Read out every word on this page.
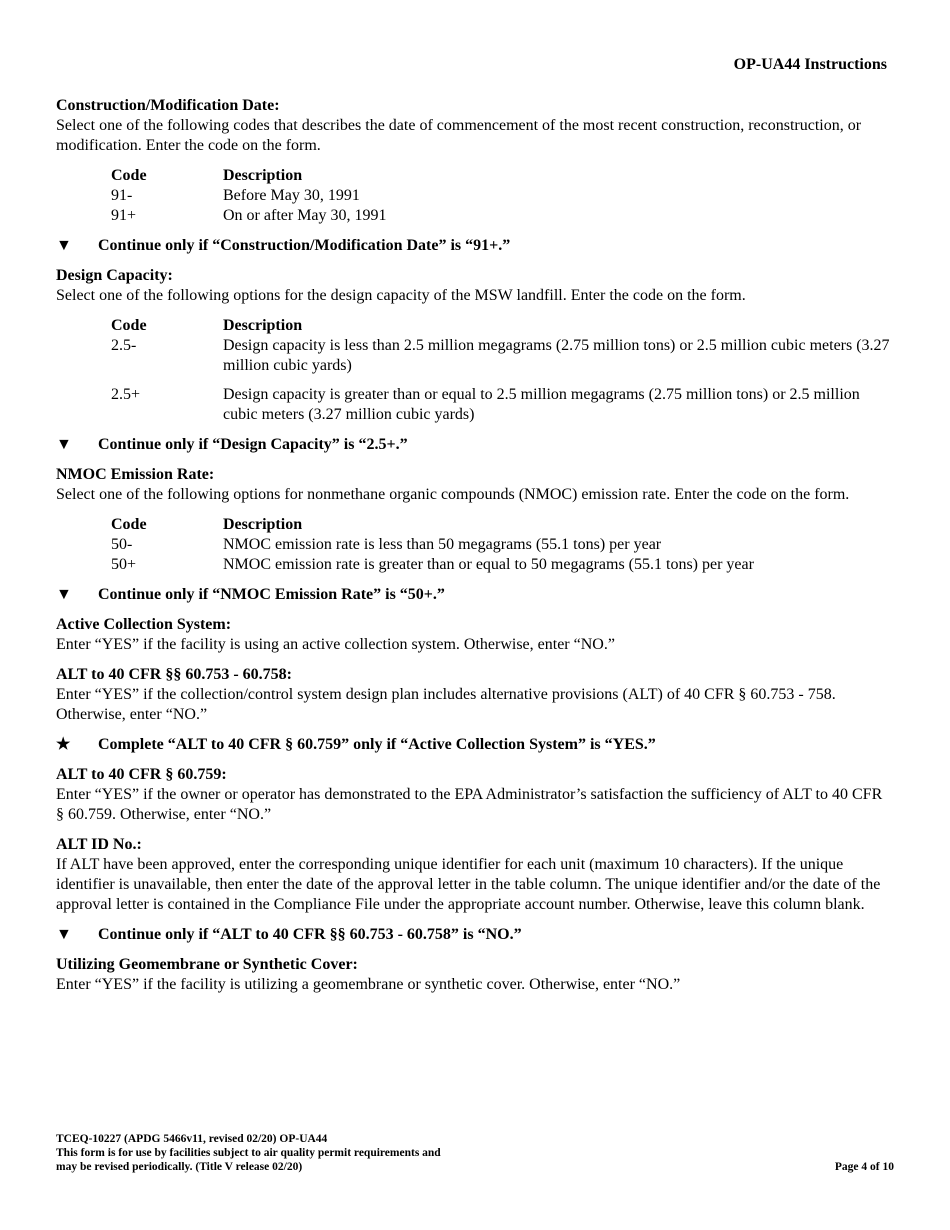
OP-UA44 Instructions

Construction/Modification Date:

Select one of the following codes that describes the date of commencement of the most recent construction, reconstruction, or modification. Enter the code on the form.

Code	Description
91-	Before May 30, 1991
91+	On or after May 30, 1991
▼	Continue only if “Construction/Modification Date” is “91+.”

Design Capacity:

Select one of the following options for the design capacity of the MSW landfill. Enter the code on the form.

Code	Description
2.5-	Design capacity is less than 2.5 million megagrams (2.75 million tons) or 2.5 million cubic meters (3.27 million cubic yards)
2.5+	Design capacity is greater than or equal to 2.5 million megagrams (2.75 million tons) or 2.5 million cubic meters (3.27 million cubic yards)
▼	Continue only if “Design Capacity” is “2.5+.”

NMOC Emission Rate:

Select one of the following options for nonmethane organic compounds (NMOC) emission rate. Enter the code on the form.

Code	Description
50-	NMOC emission rate is less than 50 megagrams (55.1 tons) per year
50+	NMOC emission rate is greater than or equal to 50 megagrams (55.1 tons) per year
▼	Continue only if “NMOC Emission Rate” is “50+.”

Active Collection System:

Enter “YES” if the facility is using an active collection system. Otherwise, enter “NO.”

ALT to 40 CFR §§ 60.753 - 60.758:

Enter “YES” if the collection/control system design plan includes alternative provisions (ALT) of 40 CFR § 60.753 - 758. Otherwise, enter “NO.”

★	Complete “ALT to 40 CFR § 60.759” only if “Active Collection System” is “YES.”

ALT to 40 CFR § 60.759:

Enter “YES” if the owner or operator has demonstrated to the EPA Administrator’s satisfaction the sufficiency of ALT to 40 CFR § 60.759. Otherwise, enter “NO.”

ALT ID No.:

If ALT have been approved, enter the corresponding unique identifier for each unit (maximum 10 characters). If the unique identifier is unavailable, then enter the date of the approval letter in the table column. The unique identifier and/or the date of the approval letter is contained in the Compliance File under the appropriate account number. Otherwise, leave this column blank.

▼	Continue only if “ALT to 40 CFR §§ 60.753 - 60.758” is “NO.”

Utilizing Geomembrane or Synthetic Cover:

Enter “YES” if the facility is utilizing a geomembrane or synthetic cover. Otherwise, enter “NO.”

TCEQ-10227 (APDG 5466v11, revised 02/20) OP-UA44
This form is for use by facilities subject to air quality permit requirements and
may be revised periodically. (Title V release 02/20)	Page 4 of 10
